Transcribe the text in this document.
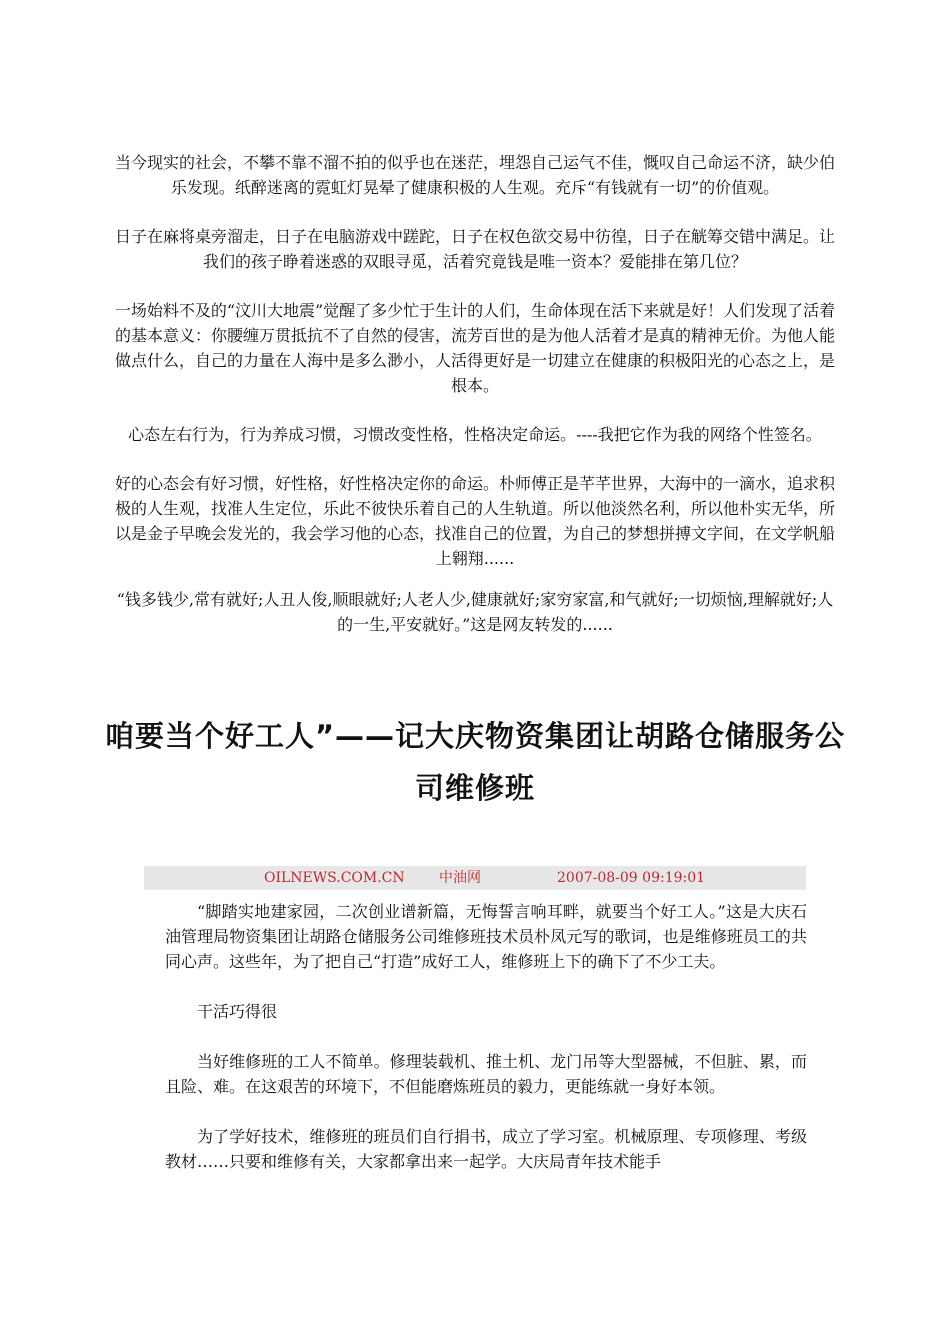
当今现实的社会，不攀不靠不溜不拍的似乎也在迷茫，埋怨自己运气不佳，慨叹自己命运不济，缺少伯乐发现。纸醉迷离的霓虹灯晃晕了健康积极的人生观。充斥“有钱就有一切”的价值观。

日子在麻将桌旁溜走，日子在电脑游戏中蹉跎，日子在权色欲交易中彷徨，日子在觥筹交错中满足。让我们的孩子睁着迷惑的双眼寻觅，活着究竟钱是唯一资本？爱能排在第几位？

一场始料不及的“汶川大地震”觉醒了多少忙于生计的人们，生命体现在活下来就是好！人们发现了活着的基本意义：你腰缠万贯抵抗不了自然的侵害，流芳百世的是为他人活着才是真的精神无价。为他人能做点什么，自己的力量在人海中是多么渺小，人活得更好是一切建立在健康的积极阳光的心态之上，是根本。

心态左右行为，行为养成习惯，习惯改变性格，性格决定命运。----我把它作为我的网络个性签名。

好的心态会有好习惯，好性格，好性格决定你的命运。朴师傅正是芊芊世界，大海中的一滴水，追求积极的人生观，找准人生定位，乐此不彼快乐着自己的人生轨道。所以他淡然名利，所以他朴实无华，所以是金子早晚会发光的，我会学习他的心态，找准自己的位置，为自己的梦想拼搏文字间，在文学帆船上翱翔......

“钱多钱少,常有就好;人丑人俊,顺眼就好;人老人少,健康就好;家穷家富,和气就好;一切烦恼,理解就好;人的一生,平安就好。”这是网友转发的......

咱要当个好工人”——记大庆物资集团让胡路仓储服务公司维修班
OILNEWS.COM.CN 中油网	2007-08-09 09:19:01

“脚踏实地建家园，二次创业谱新篇，无悔誓言响耳畔，就要当个好工人。”这是大庆石油管理局物资集团让胡路仓储服务公司维修班技术员朴凤元写的歌词，也是维修班员工的共同心声。这些年，为了把自己“打造”成好工人，维修班上下的确下了不少工夫。

干活巧得很

当好维修班的工人不简单。修理装载机、推土机、龙门吊等大型器械，不但脏、累，而且险、难。在这艰苦的环境下，不但能磨炼班员的毅力，更能练就一身好本领。

为了学好技术，维修班的班员们自行捐书，成立了学习室。机械原理、专项修理、考级教材……只要和维修有关，大家都拿出来一起学。大庆局青年技术能手
